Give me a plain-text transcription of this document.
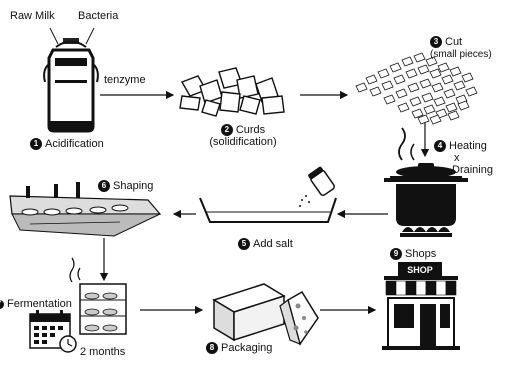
SHOP
Raw Milk Bacteria
tenzyme
1 Acidification
2 Curds
(solidification)
3 Cut
(small pieces)
4 Heating
x
Draining
5 Add salt
6 Shaping
Fermentation
2 months	8 Packaging
9 Shops
